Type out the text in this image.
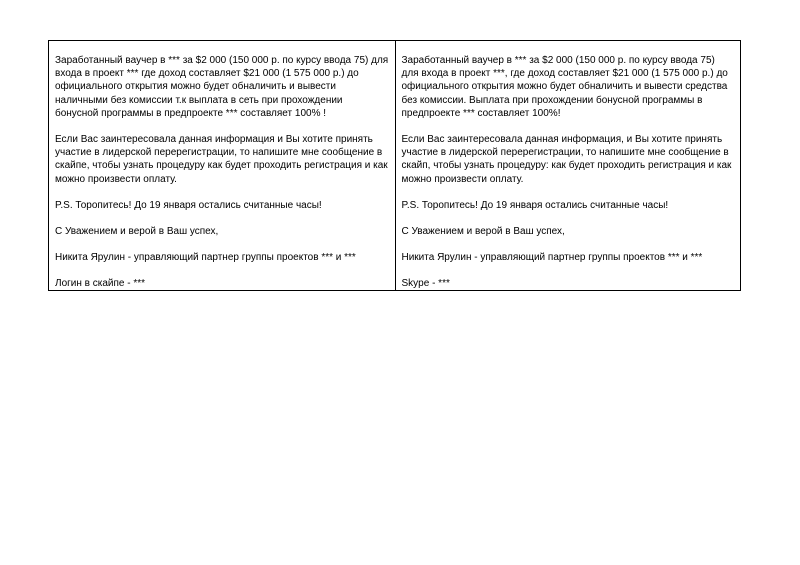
Заработанный ваучер в *** за $2 000 (150 000 р. по курсу ввода 75) для входа в проект *** где доход составляет $21 000 (1 575 000 р.) до официального открытия можно будет обналичить и вывести наличными без комиссии т.к выплата в сеть при прохождении бонусной программы в предпроекте *** составляет 100% !

Если Вас заинтересовала данная информация и Вы хотите принять участие в лидерской перерегистрации, то напишите мне сообщение в скайпе, чтобы узнать процедуру как будет проходить регистрация и как можно произвести оплату.

P.S. Торопитесь! До 19 января остались считанные часы!

С Уважением и верой в Ваш успех,

Никита Ярулин - управляющий партнер группы проектов *** и ***

Логин в скайпе - ***

Заработанный ваучер в *** за $2 000 (150 000 р. по курсу ввода 75) для входа в проект ***, где доход составляет $21 000 (1 575 000 р.) до официального открытия можно будет обналичить и вывести средства без комиссии. Выплата при прохождении бонусной программы в предпроекте *** составляет 100%!

Если Вас заинтересовала данная информация, и Вы хотите принять участие в лидерской перерегистрации, то напишите мне сообщение в скайп, чтобы узнать процедуру: как будет проходить регистрация и как можно произвести оплату.

P.S. Торопитесь! До 19 января остались считанные часы!

С Уважением и верой в Ваш успех,

Никита Ярулин - управляющий партнер группы проектов *** и ***

Skype - ***
